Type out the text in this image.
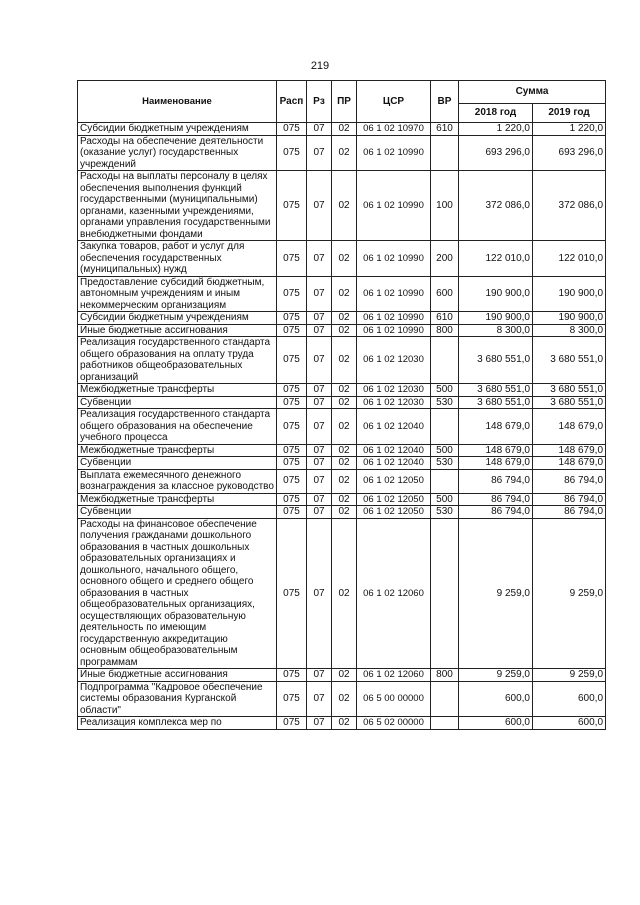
219
Наименование	Расп	Рз	ПР	ЦСР	ВР	Сумма	
						2018 год	2019 год
Субсидии бюджетным учреждениям	075	07	02	06 1 02 10970	610	1 220,0	1 220,0
Расходы на обеспечение деятельности (оказание услуг) государственных учреждений	075	07	02	06 1 02 10990		693 296,0	693 296,0
Расходы на выплаты персоналу в целях обеспечения выполнения функций государственными (муниципальными) органами, казенными учреждениями, органами управления государственными внебюджетными фондами	075	07	02	06 1 02 10990	100	372 086,0	372 086,0
Закупка товаров, работ и услуг для обеспечения государственных (муниципальных) нужд	075	07	02	06 1 02 10990	200	122 010,0	122 010,0
Предоставление субсидий бюджетным, автономным учреждениям и иным некоммерческим организациям	075	07	02	06 1 02 10990	600	190 900,0	190 900,0
Субсидии бюджетным учреждениям	075	07	02	06 1 02 10990	610	190 900,0	190 900,0
Иные бюджетные ассигнования	075	07	02	06 1 02 10990	800	8 300,0	8 300,0
Реализация государственного стандарта общего образования на оплату труда работников общеобразовательных организаций	075	07	02	06 1 02 12030		3 680 551,0	3 680 551,0
Межбюджетные трансферты	075	07	02	06 1 02 12030	500	3 680 551,0	3 680 551,0
Субвенции	075	07	02	06 1 02 12030	530	3 680 551,0	3 680 551,0
Реализация государственного стандарта общего образования на обеспечение учебного процесса	075	07	02	06 1 02 12040		148 679,0	148 679,0
Межбюджетные трансферты	075	07	02	06 1 02 12040	500	148 679,0	148 679,0
Субвенции	075	07	02	06 1 02 12040	530	148 679,0	148 679,0
Выплата ежемесячного денежного вознаграждения за классное руководство	075	07	02	06 1 02 12050		86 794,0	86 794,0
Межбюджетные трансферты	075	07	02	06 1 02 12050	500	86 794,0	86 794,0
Субвенции	075	07	02	06 1 02 12050	530	86 794,0	86 794,0
Расходы на финансовое обеспечение получения гражданами дошкольного образования в частных дошкольных образовательных организациях и дошкольного, начального общего, основного общего и среднего общего образования в частных общеобразовательных организациях, осуществляющих образовательную деятельность по имеющим государственную аккредитацию основным общеобразовательным программам	075	07	02	06 1 02 12060		9 259,0	9 259,0
Иные бюджетные ассигнования	075	07	02	06 1 02 12060	800	9 259,0	9 259,0
Подпрограмма "Кадровое обеспечение системы образования Курганской области"	075	07	02	06 5 00 00000		600,0	600,0
Реализация комплекса мер по	075	07	02	06 5 02 00000		600,0	600,0
